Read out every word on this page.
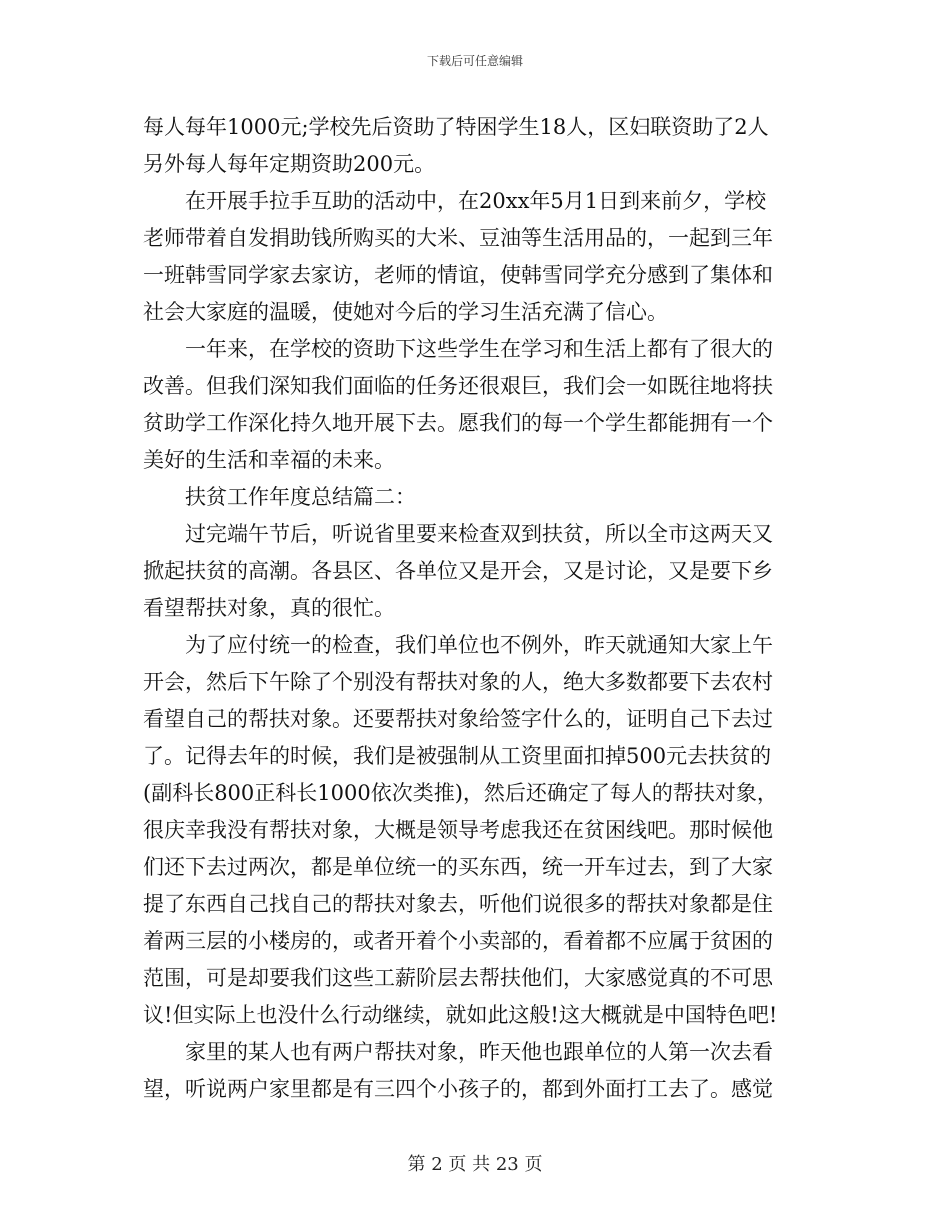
下载后可任意编辑
每人每年1000元;学校先后资助了特困学生18人，区妇联资助了2人
另外每人每年定期资助200元。
　　在开展手拉手互助的活动中，在20xx年5月1日到来前夕，学校
老师带着自发捐助钱所购买的大米、豆油等生活用品的，一起到三年
一班韩雪同学家去家访，老师的情谊，使韩雪同学充分感到了集体和
社会大家庭的温暖，使她对今后的学习生活充满了信心。
　　一年来，在学校的资助下这些学生在学习和生活上都有了很大的
改善。但我们深知我们面临的任务还很艰巨，我们会一如既往地将扶
贫助学工作深化持久地开展下去。愿我们的每一个学生都能拥有一个
美好的生活和幸福的未来。
　　扶贫工作年度总结篇二：
　　过完端午节后，听说省里要来检查双到扶贫，所以全市这两天又
掀起扶贫的高潮。各县区、各单位又是开会，又是讨论，又是要下乡
看望帮扶对象，真的很忙。
　　为了应付统一的检查，我们单位也不例外，昨天就通知大家上午
开会，然后下午除了个别没有帮扶对象的人，绝大多数都要下去农村
看望自己的帮扶对象。还要帮扶对象给签字什么的，证明自己下去过
了。记得去年的时候，我们是被强制从工资里面扣掉500元去扶贫的
(副科长800正科长1000依次类推)，然后还确定了每人的帮扶对象，
很庆幸我没有帮扶对象，大概是领导考虑我还在贫困线吧。那时候他
们还下去过两次，都是单位统一的买东西，统一开车过去，到了大家
提了东西自己找自己的帮扶对象去，听他们说很多的帮扶对象都是住
着两三层的小楼房的，或者开着个小卖部的，看着都不应属于贫困的
范围，可是却要我们这些工薪阶层去帮扶他们，大家感觉真的不可思
议!但实际上也没什么行动继续，就如此这般!这大概就是中国特色吧!
　　家里的某人也有两户帮扶对象，昨天他也跟单位的人第一次去看
望，听说两户家里都是有三四个小孩子的，都到外面打工去了。感觉
第 2 页 共 23 页
